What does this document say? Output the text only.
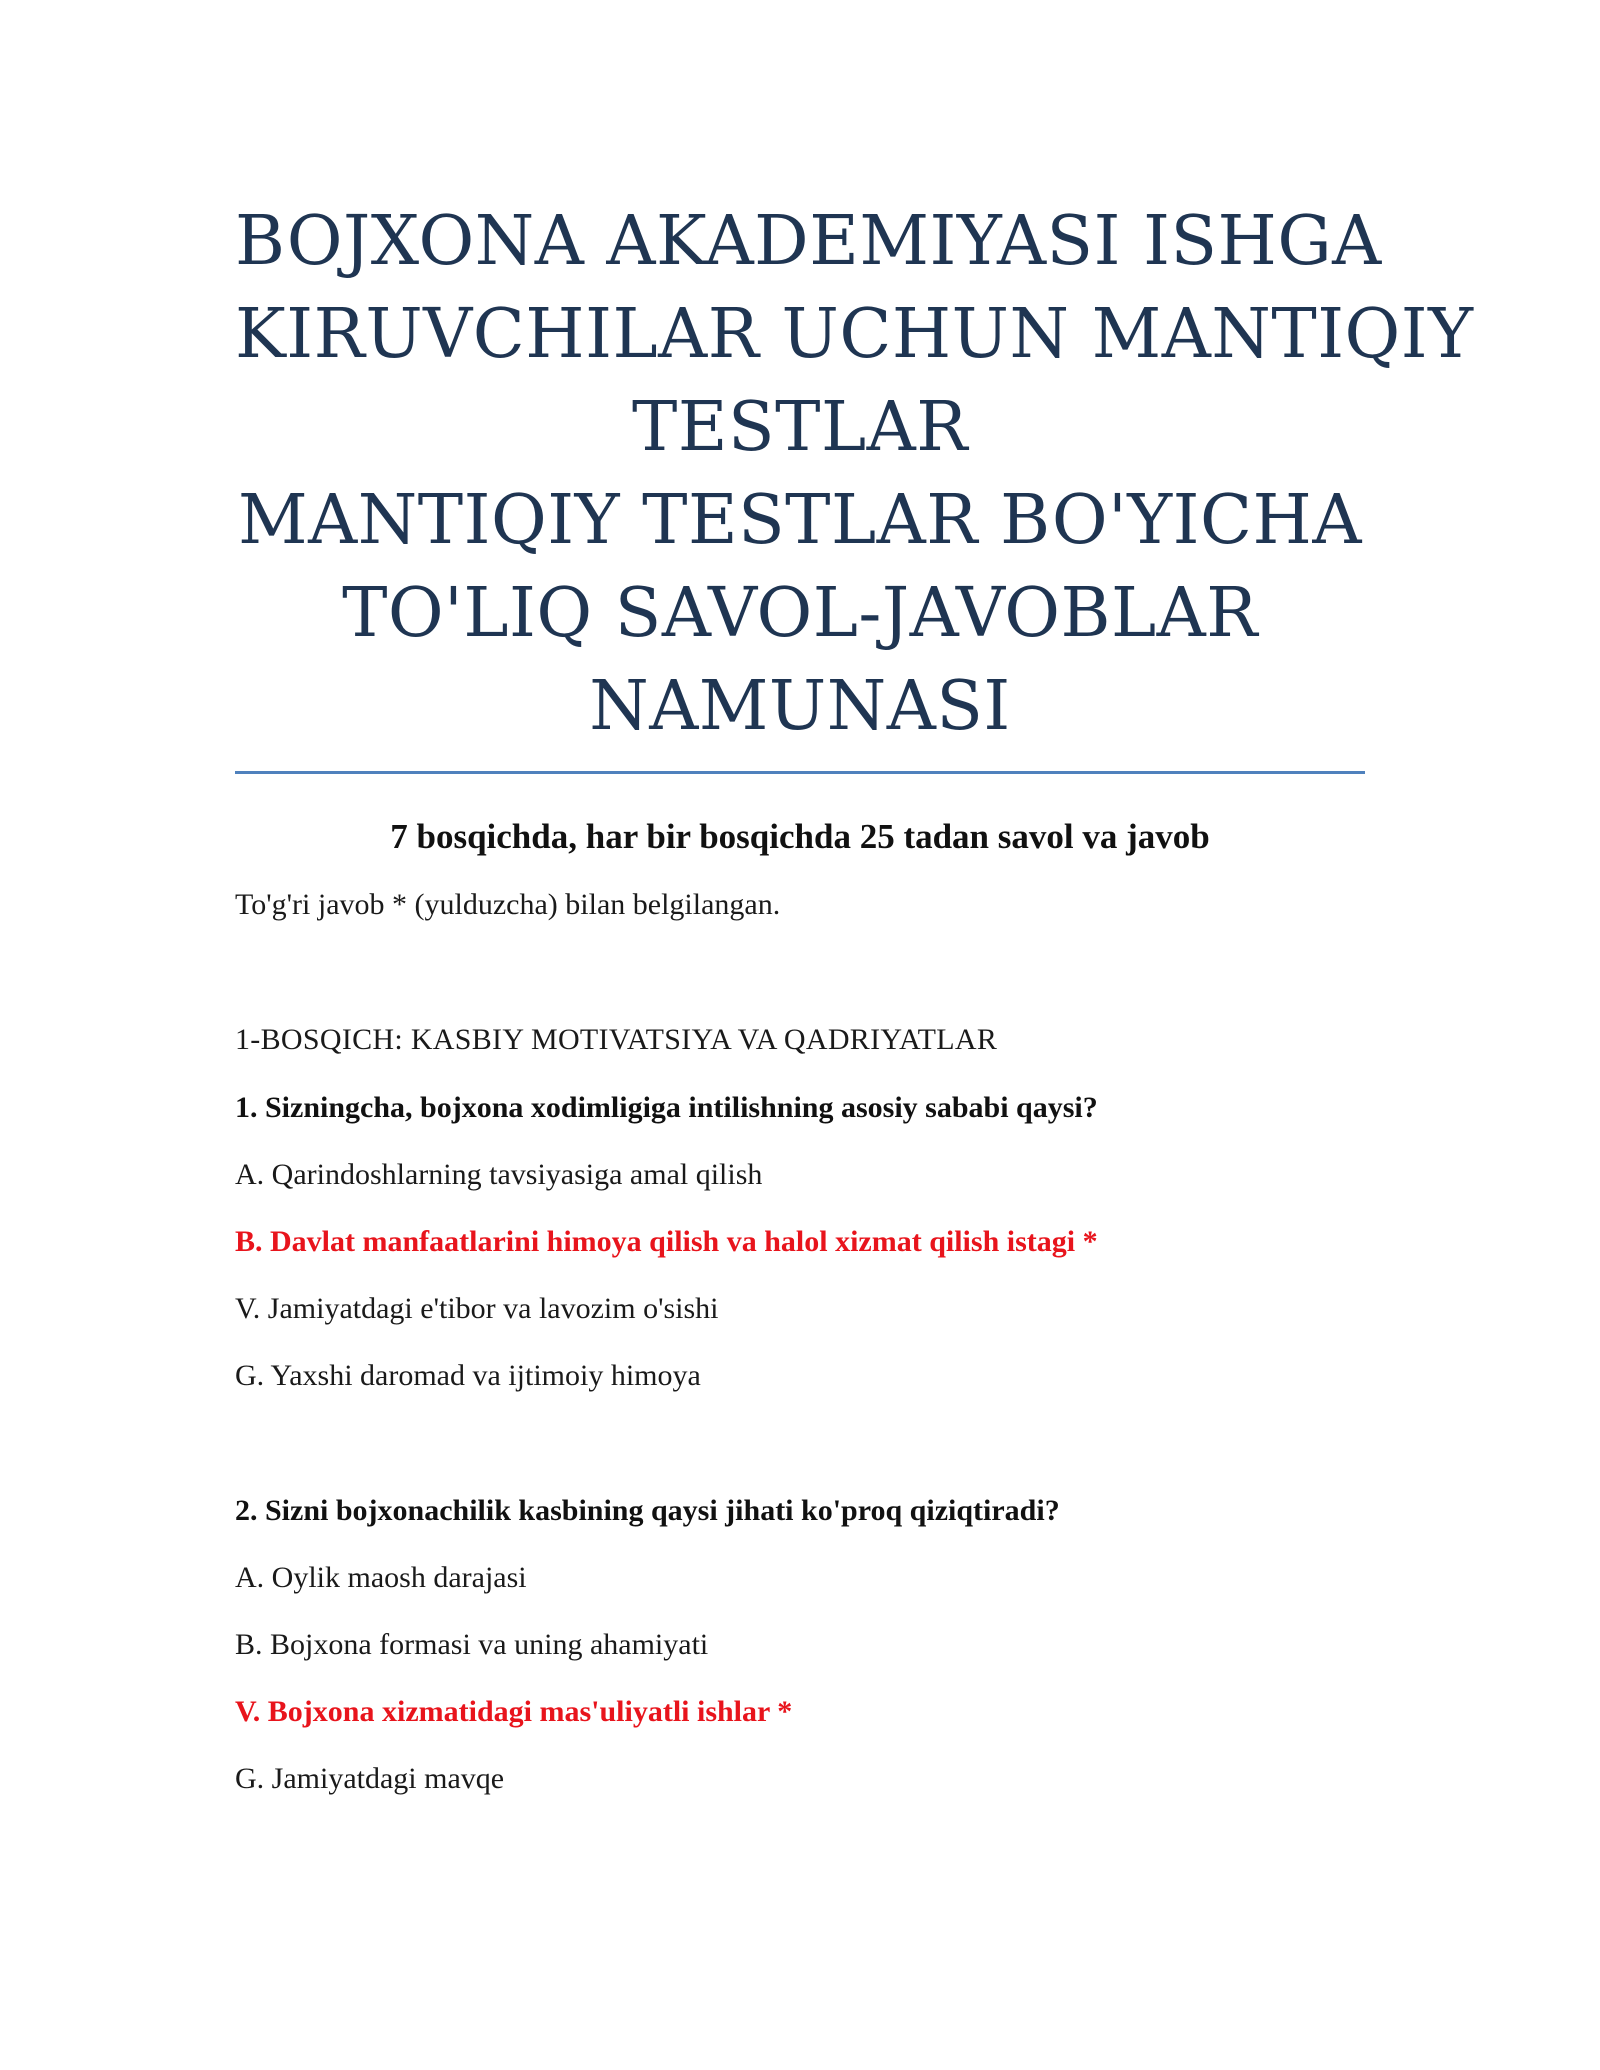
BOJXONA AKADEMIYASI ISHGA
KIRUVCHILAR UCHUN MANTIQIY
TESTLAR
MANTIQIY TESTLAR BO'YICHA
TO'LIQ SAVOL-JAVOBLAR
NAMUNASI

7 bosqichda, har bir bosqichda 25 tadan savol va javob

To'g'ri javob * (yulduzcha) bilan belgilangan.

1-BOSQICH: KASBIY MOTIVATSIYA VA QADRIYATLAR

1. Sizningcha, bojxona xodimligiga intilishning asosiy sababi qaysi?

A. Qarindoshlarning tavsiyasiga amal qilish

B. Davlat manfaatlarini himoya qilish va halol xizmat qilish istagi *

V. Jamiyatdagi e'tibor va lavozim o'sishi

G. Yaxshi daromad va ijtimoiy himoya

2. Sizni bojxonachilik kasbining qaysi jihati ko'proq qiziqtiradi?

A. Oylik maosh darajasi

B. Bojxona formasi va uning ahamiyati

V. Bojxona xizmatidagi mas'uliyatli ishlar *

G. Jamiyatdagi mavqe
